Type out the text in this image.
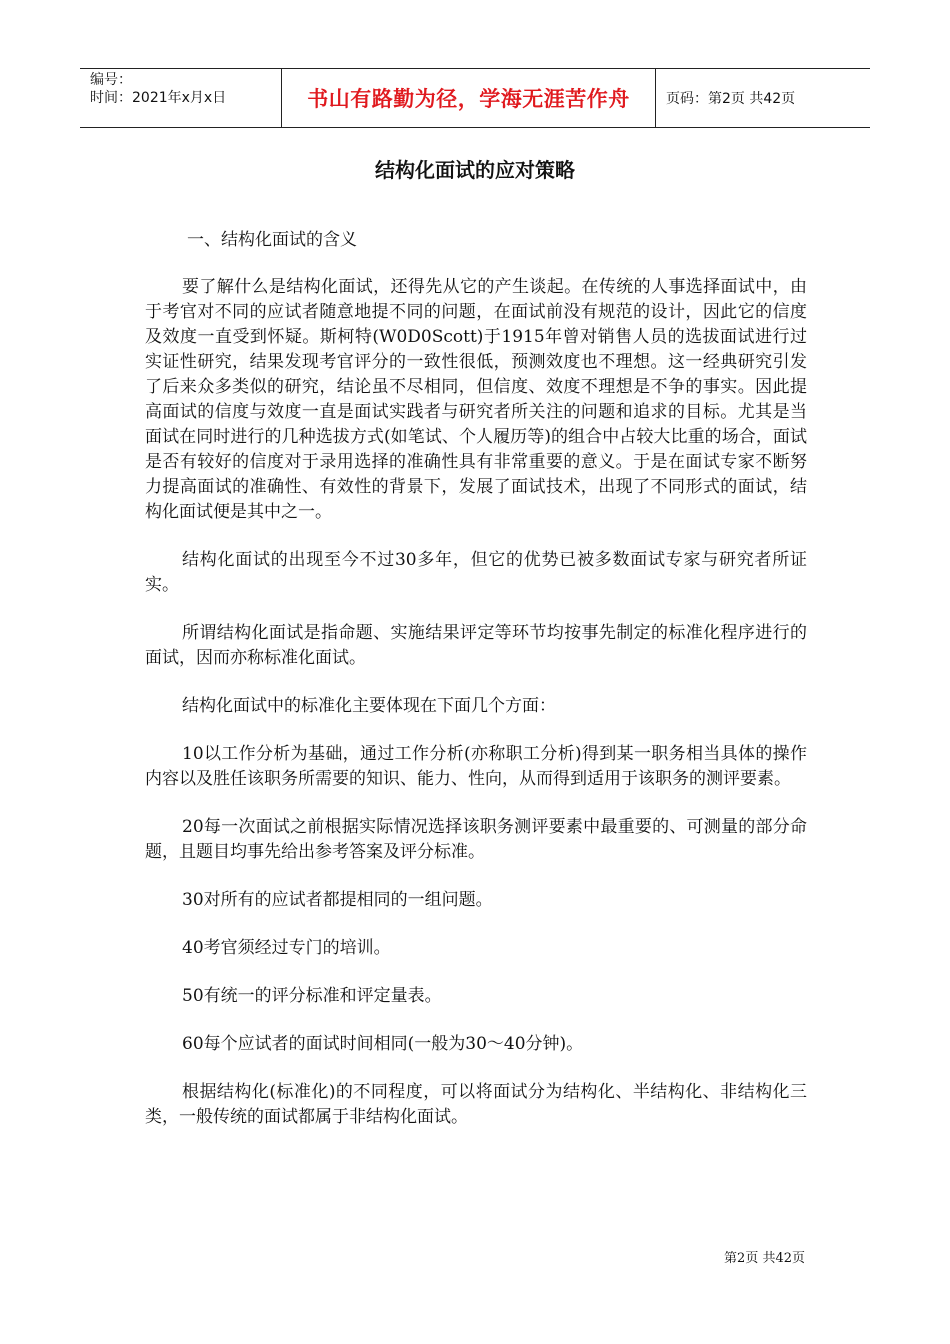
编号：
时间：2021年x月x日	书山有路勤为径，学海无涯苦作舟	页码：第2页 共42页
结构化面试的应对策略

一、结构化面试的含义

要了解什么是结构化面试，还得先从它的产生谈起。在传统的人事选择面试中，由于考官对不同的应试者随意地提不同的问题，在面试前没有规范的设计，因此它的信度及效度一直受到怀疑。斯柯特(W0D0Scott)于1915年曾对销售人员的选拔面试进行过实证性研究，结果发现考官评分的一致性很低，预测效度也不理想。这一经典研究引发了后来众多类似的研究，结论虽不尽相同，但信度、效度不理想是不争的事实。因此提高面试的信度与效度一直是面试实践者与研究者所关注的问题和追求的目标。尤其是当面试在同时进行的几种选拔方式(如笔试、个人履历等)的组合中占较大比重的场合，面试是否有较好的信度对于录用选择的准确性具有非常重要的意义。于是在面试专家不断努力提高面试的准确性、有效性的背景下，发展了面试技术，出现了不同形式的面试，结构化面试便是其中之一。

结构化面试的出现至今不过30多年，但它的优势已被多数面试专家与研究者所证实。

所谓结构化面试是指命题、实施结果评定等环节均按事先制定的标准化程序进行的面试，因而亦称标准化面试。

结构化面试中的标准化主要体现在下面几个方面：

10以工作分析为基础，通过工作分析(亦称职工分析)得到某一职务相当具体的操作内容以及胜任该职务所需要的知识、能力、性向，从而得到适用于该职务的测评要素。

20每一次面试之前根据实际情况选择该职务测评要素中最重要的、可测量的部分命题，且题目均事先给出参考答案及评分标准。

30对所有的应试者都提相同的一组问题。

40考官须经过专门的培训。

50有统一的评分标准和评定量表。

60每个应试者的面试时间相同(一般为30～40分钟)。

根据结构化(标准化)的不同程度，可以将面试分为结构化、半结构化、非结构化三类，一般传统的面试都属于非结构化面试。

第2页 共42页
